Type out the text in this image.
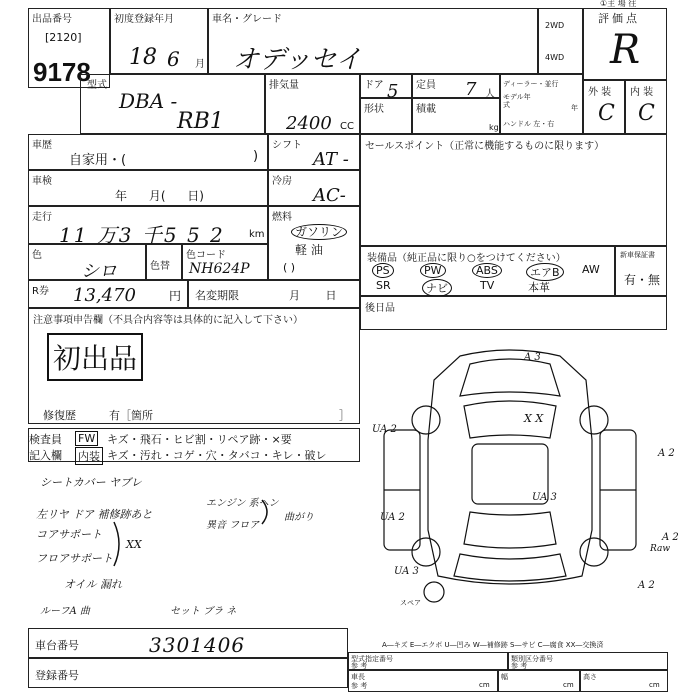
①主 場 往
出品番号
[2120]
9178
初度登録年月
18 6 月
車名・グレード
オデッセイ
2WD
4WD
評価点
R
型式
DBA -
RB1
排気量
2400 CC
ドア 5 定員 7 人
形状	積載
kg
ディーラー・並行
モデル年式	年
ハンドル 左・右
外 装
C
内 装
C
車歴
自家用・(	)
シフト
AT -
車検
年 月( 日)
冷房
AC-
走行
11 万3 千5 5 2 km
燃料
ガソリン
軽 油
( )
色
シロ	色替
色コード
NH624P
R券 13,470	円 名変期限	月 日
セールスポイント（正常に機能するものに限ります）
装備品（純正品に限り○をつけてください）
PS	PW	ABS	エアB	AW
SR	ナビ	TV	本革
新車保証書
有・無
後日品
注意事項申告欄（不具合内容等は具体的に記入して下さい）
初出品
修復歴	有［箇所	］
検査員
記入欄
FW キズ・飛石・ヒビ割・リペア跡・×要
内装 キズ・汚れ・コゲ・穴・タバコ・キレ・破レ
シートカバー ヤブレ
左リヤ ドア 補修跡あと
エンジン 系ヘン
異音 フロア
曲がり
コアサポート
フロアサポート
XX
オイル 漏れ
ルーフA 曲	セット ブラ ネ
A 3
UA 2
X X
A 2
UA 3
UA 2
A 2
UA 3
A 2
スペア
Raw
A―キズ E―エクボ U―凹み W―補修跡 S―サビ C―腐食 XX―交換済
車台番号	3301406
登録番号
型式指定番号
参 考
類別区分番号
参 考
車長
参 考	cm
幅
cm
高さ
cm
